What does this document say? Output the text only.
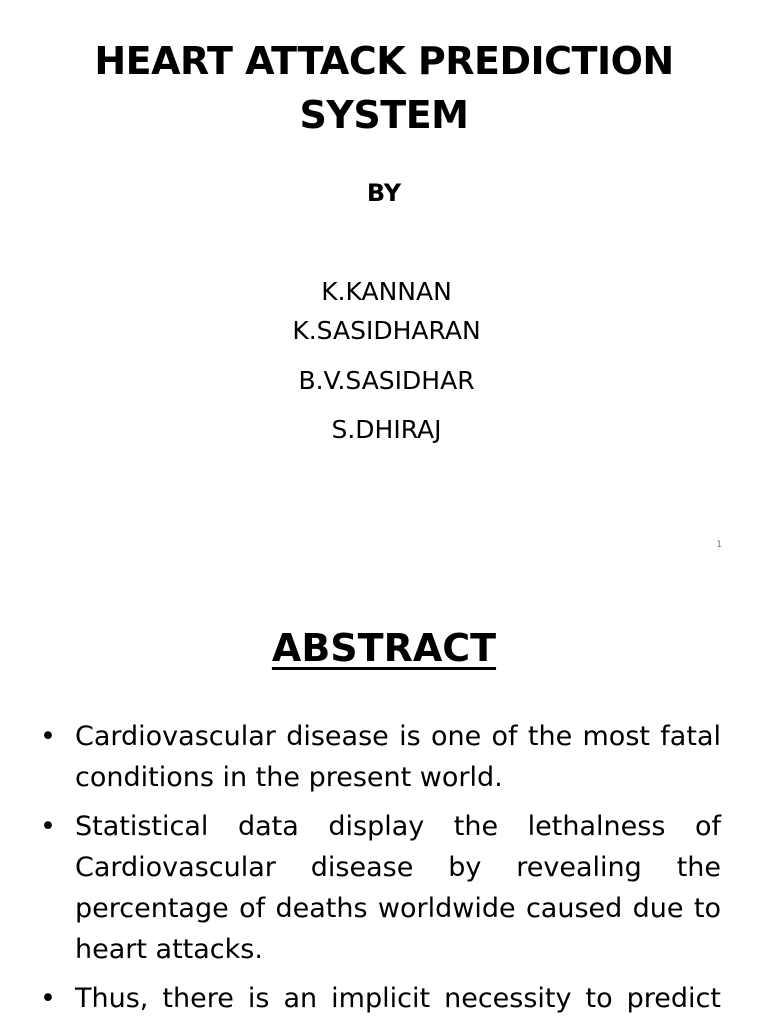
HEART ATTACK PREDICTION
SYSTEM
BY
K.KANNAN
K.SASIDHARAN
B.V.SASIDHAR
S.DHIRAJ
1
ABSTRACT
• Cardiovascular disease is one of the most fatal conditions in the present world.
• Statistical data display the lethalness of Cardiovascular disease by revealing the percentage of deaths worldwide caused due to heart attacks.
• Thus, there is an implicit necessity to predict
